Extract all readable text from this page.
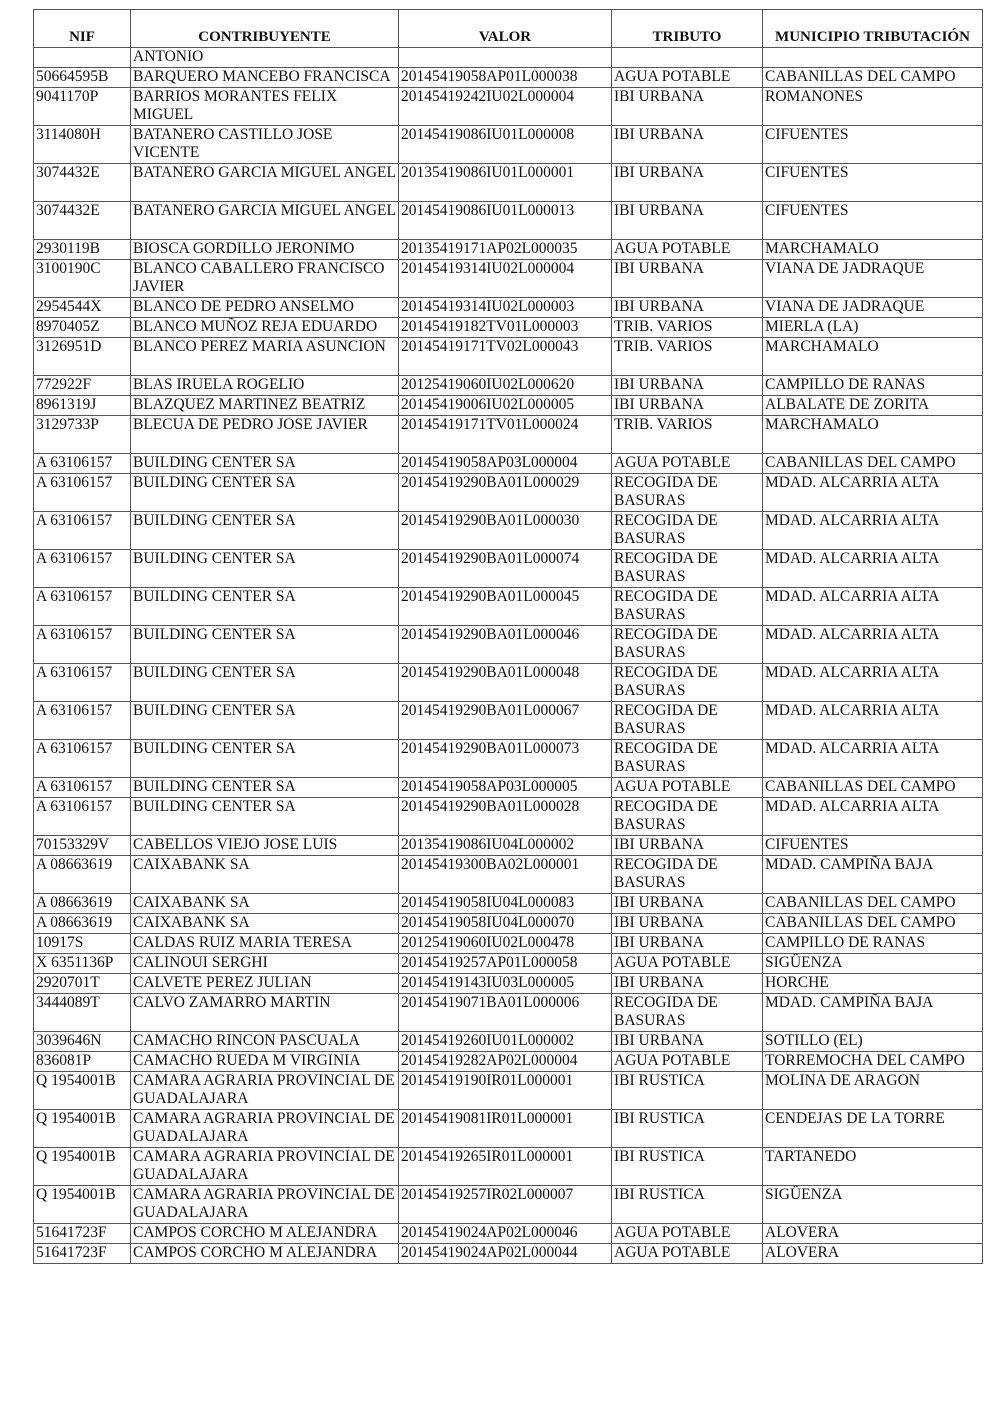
NIF	CONTRIBUYENTE	VALOR	TRIBUTO	MUNICIPIO TRIBUTACIÓN
	ANTONIO			
50664595B	BARQUERO MANCEBO FRANCISCA	20145419058AP01L000038	AGUA POTABLE	CABANILLAS DEL CAMPO
9041170P	BARRIOS MORANTES FELIX MIGUEL	20145419242IU02L000004	IBI URBANA	ROMANONES
3114080H	BATANERO CASTILLO JOSE VICENTE	20145419086IU01L000008	IBI URBANA	CIFUENTES
3074432E	BATANERO GARCIA MIGUEL ANGEL	20135419086IU01L000001	IBI URBANA	CIFUENTES
3074432E	BATANERO GARCIA MIGUEL ANGEL	20145419086IU01L000013	IBI URBANA	CIFUENTES
2930119B	BIOSCA GORDILLO JERONIMO	20135419171AP02L000035	AGUA POTABLE	MARCHAMALO
3100190C	BLANCO CABALLERO FRANCISCO JAVIER	20145419314IU02L000004	IBI URBANA	VIANA DE JADRAQUE
2954544X	BLANCO DE PEDRO ANSELMO	20145419314IU02L000003	IBI URBANA	VIANA DE JADRAQUE
8970405Z	BLANCO MUÑOZ REJA EDUARDO	20145419182TV01L000003	TRIB. VARIOS	MIERLA (LA)
3126951D	BLANCO PEREZ MARIA ASUNCION	20145419171TV02L000043	TRIB. VARIOS	MARCHAMALO
772922F	BLAS IRUELA ROGELIO	20125419060IU02L000620	IBI URBANA	CAMPILLO DE RANAS
8961319J	BLAZQUEZ MARTINEZ BEATRIZ	20145419006IU02L000005	IBI URBANA	ALBALATE DE ZORITA
3129733P	BLECUA DE PEDRO JOSE JAVIER	20145419171TV01L000024	TRIB. VARIOS	MARCHAMALO
A 63106157	BUILDING CENTER SA	20145419058AP03L000004	AGUA POTABLE	CABANILLAS DEL CAMPO
A 63106157	BUILDING CENTER SA	20145419290BA01L000029	RECOGIDA DE BASURAS	MDAD. ALCARRIA ALTA
A 63106157	BUILDING CENTER SA	20145419290BA01L000030	RECOGIDA DE BASURAS	MDAD. ALCARRIA ALTA
A 63106157	BUILDING CENTER SA	20145419290BA01L000074	RECOGIDA DE BASURAS	MDAD. ALCARRIA ALTA
A 63106157	BUILDING CENTER SA	20145419290BA01L000045	RECOGIDA DE BASURAS	MDAD. ALCARRIA ALTA
A 63106157	BUILDING CENTER SA	20145419290BA01L000046	RECOGIDA DE BASURAS	MDAD. ALCARRIA ALTA
A 63106157	BUILDING CENTER SA	20145419290BA01L000048	RECOGIDA DE BASURAS	MDAD. ALCARRIA ALTA
A 63106157	BUILDING CENTER SA	20145419290BA01L000067	RECOGIDA DE BASURAS	MDAD. ALCARRIA ALTA
A 63106157	BUILDING CENTER SA	20145419290BA01L000073	RECOGIDA DE BASURAS	MDAD. ALCARRIA ALTA
A 63106157	BUILDING CENTER SA	20145419058AP03L000005	AGUA POTABLE	CABANILLAS DEL CAMPO
A 63106157	BUILDING CENTER SA	20145419290BA01L000028	RECOGIDA DE BASURAS	MDAD. ALCARRIA ALTA
70153329V	CABELLOS VIEJO JOSE LUIS	20135419086IU04L000002	IBI URBANA	CIFUENTES
A 08663619	CAIXABANK SA	20145419300BA02L000001	RECOGIDA DE BASURAS	MDAD. CAMPIÑA BAJA
A 08663619	CAIXABANK SA	20145419058IU04L000083	IBI URBANA	CABANILLAS DEL CAMPO
A 08663619	CAIXABANK SA	20145419058IU04L000070	IBI URBANA	CABANILLAS DEL CAMPO
10917S	CALDAS RUIZ MARIA TERESA	20125419060IU02L000478	IBI URBANA	CAMPILLO DE RANAS
X 6351136P	CALINOUI SERGHI	20145419257AP01L000058	AGUA POTABLE	SIGÜENZA
2920701T	CALVETE PEREZ JULIAN	20145419143IU03L000005	IBI URBANA	HORCHE
3444089T	CALVO ZAMARRO MARTIN	20145419071BA01L000006	RECOGIDA DE BASURAS	MDAD. CAMPIÑA BAJA
3039646N	CAMACHO RINCON PASCUALA	20145419260IU01L000002	IBI URBANA	SOTILLO (EL)
836081P	CAMACHO RUEDA M VIRGINIA	20145419282AP02L000004	AGUA POTABLE	TORREMOCHA DEL CAMPO
Q 1954001B	CAMARA AGRARIA PROVINCIAL DE GUADALAJARA	20145419190IR01L000001	IBI RUSTICA	MOLINA DE ARAGON
Q 1954001B	CAMARA AGRARIA PROVINCIAL DE GUADALAJARA	20145419081IR01L000001	IBI RUSTICA	CENDEJAS DE LA TORRE
Q 1954001B	CAMARA AGRARIA PROVINCIAL DE GUADALAJARA	20145419265IR01L000001	IBI RUSTICA	TARTANEDO
Q 1954001B	CAMARA AGRARIA PROVINCIAL DE GUADALAJARA	20145419257IR02L000007	IBI RUSTICA	SIGÜENZA
51641723F	CAMPOS CORCHO M ALEJANDRA	20145419024AP02L000046	AGUA POTABLE	ALOVERA
51641723F	CAMPOS CORCHO M ALEJANDRA	20145419024AP02L000044	AGUA POTABLE	ALOVERA
